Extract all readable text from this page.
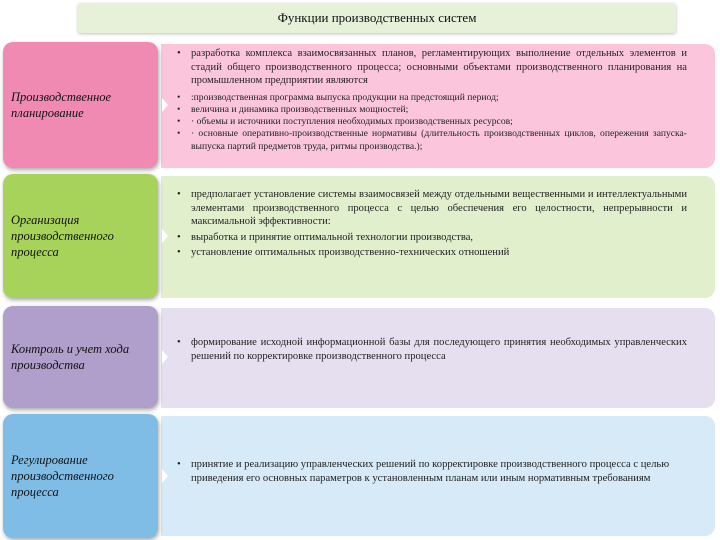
Функции производственных систем
• разработка комплекса взаимосвязанных планов, регламентирующих выполнение отдельных элементов и стадий общего производственного процесса; основными объектами производственного планирования на промышленном предприятии являются
•	:производственная программа выпуска продукции на предстоящий период;
•	величина и динамика производственных мощностей;
•	· объемы и источники поступления необходимых производственных ресурсов;
•	· основные оперативно-производственные нормативы (длительность производственных циклов, опережения запуска-выпуска партий предметов труда, ритмы производства.);
Производственное планирование
• предполагает установление системы взаимосвязей между отдельными вещественными и интеллектуальными элементами производственного процесса с целью обеспечения его целостности, непрерывности и максимальной эффективности:
• выработка и принятие оптимальной технологии производства,
• установление оптимальных производственно-технических отношений
Организация производственного процесса
• формирование исходной информационной базы для последующего принятия необходимых управленческих решений по корректировке производственного процесса
Контроль и учет хода производства
• принятие и реализацию управленческих решений по корректировке производственного процесса с целью приведения его основных параметров к установленным планам или иным нормативным требованиям
Регулирование производственного процесса
